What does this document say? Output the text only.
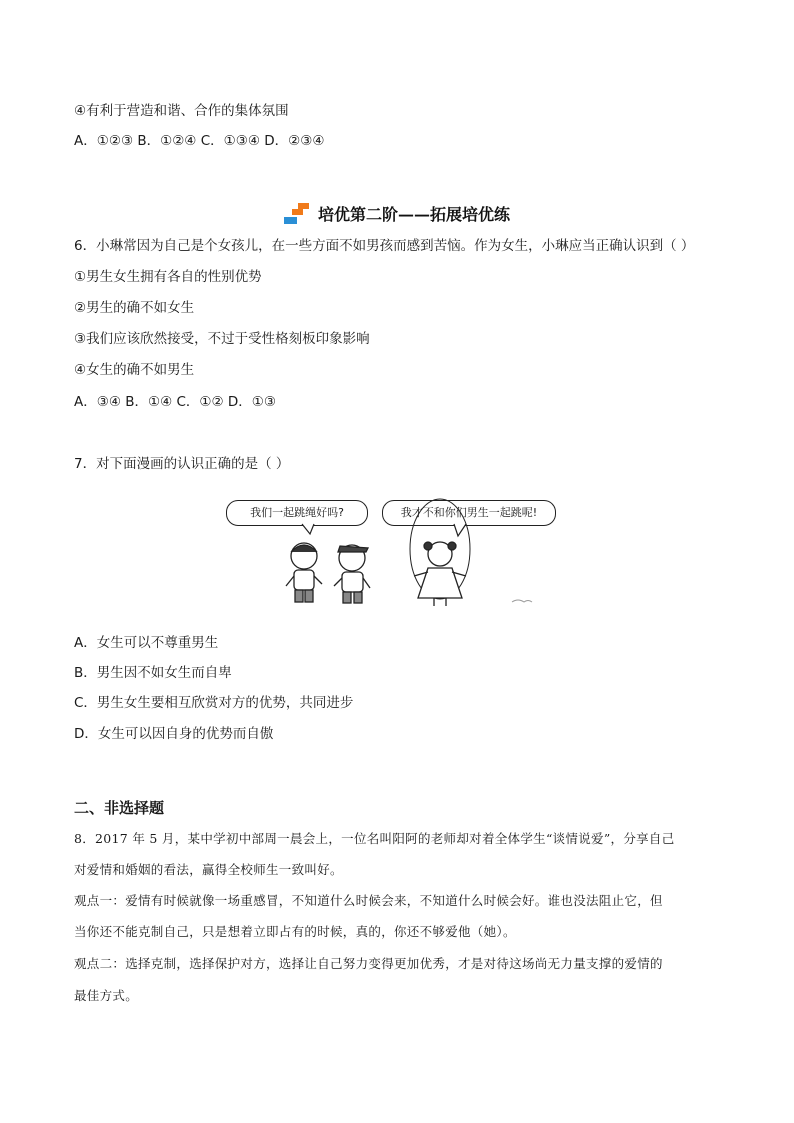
④有利于营造和谐、合作的集体氛围
A．①②③ B．①②④ C．①③④ D．②③④
培优第二阶——拓展培优练
6．小琳常因为自己是个女孩儿，在一些方面不如男孩而感到苦恼。作为女生，小琳应当正确认识到（ ）
①男生女生拥有各自的性别优势
②男生的确不如女生
③我们应该欣然接受，不过于受性格刻板印象影响
④女生的确不如男生
A．③④ B．①④ C．①② D．①③
7．对下面漫画的认识正确的是（ ）
我们一起跳绳好吗?	我才不和你们男生一起跳呢!
A．女生可以不尊重男生
B．男生因不如女生而自卑
C．男生女生要相互欣赏对方的优势，共同进步
D．女生可以因自身的优势而自傲
二、非选择题
8．2017 年 5 月，某中学初中部周一晨会上，一位名叫阳阿的老师却对着全体学生“谈情说爱”，分享自己
对爱情和婚姻的看法，赢得全校师生一致叫好。
观点一：爱情有时候就像一场重感冒，不知道什么时候会来，不知道什么时候会好。谁也没法阻止它，但
当你还不能克制自己，只是想着立即占有的时候，真的，你还不够爱他（她）。
观点二：选择克制，选择保护对方，选择让自己努力变得更加优秀，才是对待这场尚无力量支撑的爱情的
最佳方式。
